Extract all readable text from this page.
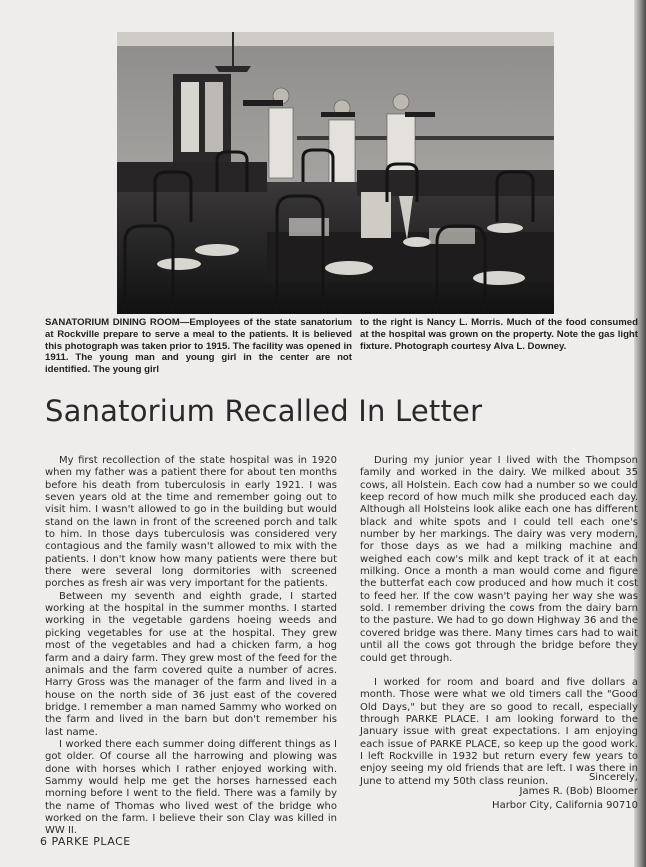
SANATORIUM DINING ROOM—Employees of the state sanatorium at Rockville prepare to serve a meal to the patients. It is believed this photograph was taken prior to 1915. The facility was opened in 1911. The young man and young girl in the center are not identified. The young girl
to the right is Nancy L. Morris. Much of the food consumed at the hospital was grown on the property. Note the gas light fixture. Photograph courtesy Alva L. Downey.
Sanatorium Recalled In Letter

My first recollection of the state hospital was in 1920 when my father was a patient there for about ten months before his death from tuberculosis in early 1921. I was seven years old at the time and remember going out to visit him. I wasn't allowed to go in the building but would stand on the lawn in front of the screened porch and talk to him. In those days tuberculosis was considered very contagious and the family wasn't allowed to mix with the patients. I don't know how many patients were there but there were several long dormitories with screened porches as fresh air was very important for the patients.

Between my seventh and eighth grade, I started working at the hospital in the summer months. I started working in the vegetable gardens hoeing weeds and picking vegetables for use at the hospital. They grew most of the vegetables and had a chicken farm, a hog farm and a dairy farm. They grew most of the feed for the animals and the farm covered quite a number of acres. Harry Gross was the manager of the farm and lived in a house on the north side of 36 just east of the covered bridge. I remember a man named Sammy who worked on the farm and lived in the barn but don't remember his last name.

I worked there each summer doing different things as I got older. Of course all the harrowing and plowing was done with horses which I rather enjoyed working with. Sammy would help me get the horses harnessed each morning before I went to the field. There was a family by the name of Thomas who lived west of the bridge who worked on the farm. I believe their son Clay was killed in WW II.

During my junior year I lived with the Thompson family and worked in the dairy. We milked about 35 cows, all Holstein. Each cow had a number so we could keep record of how much milk she produced each day. Although all Holsteins look alike each one has different black and white spots and I could tell each one's number by her markings. The dairy was very modern, for those days as we had a milking machine and weighed each cow's milk and kept track of it at each milking. Once a month a man would come and figure the butterfat each cow produced and how much it cost to feed her. If the cow wasn't paying her way she was sold. I remember driving the cows from the dairy barn to the pasture. We had to go down Highway 36 and the covered bridge was there. Many times cars had to wait until all the cows got through the bridge before they could get through.

I worked for room and board and five dollars a month. Those were what we old timers call the "Good Old Days," but they are so good to recall, especially through PARKE PLACE. I am looking forward to the January issue with great expectations. I am enjoying each issue of PARKE PLACE, so keep up the good work. I left Rockville in 1932 but return every few years to enjoy seeing my old friends that are left. I was there in June to attend my 50th class reunion.	Sincerely,
James R. (Bob) Bloomer
Harbor City, California 90710
6 PARKE PLACE
